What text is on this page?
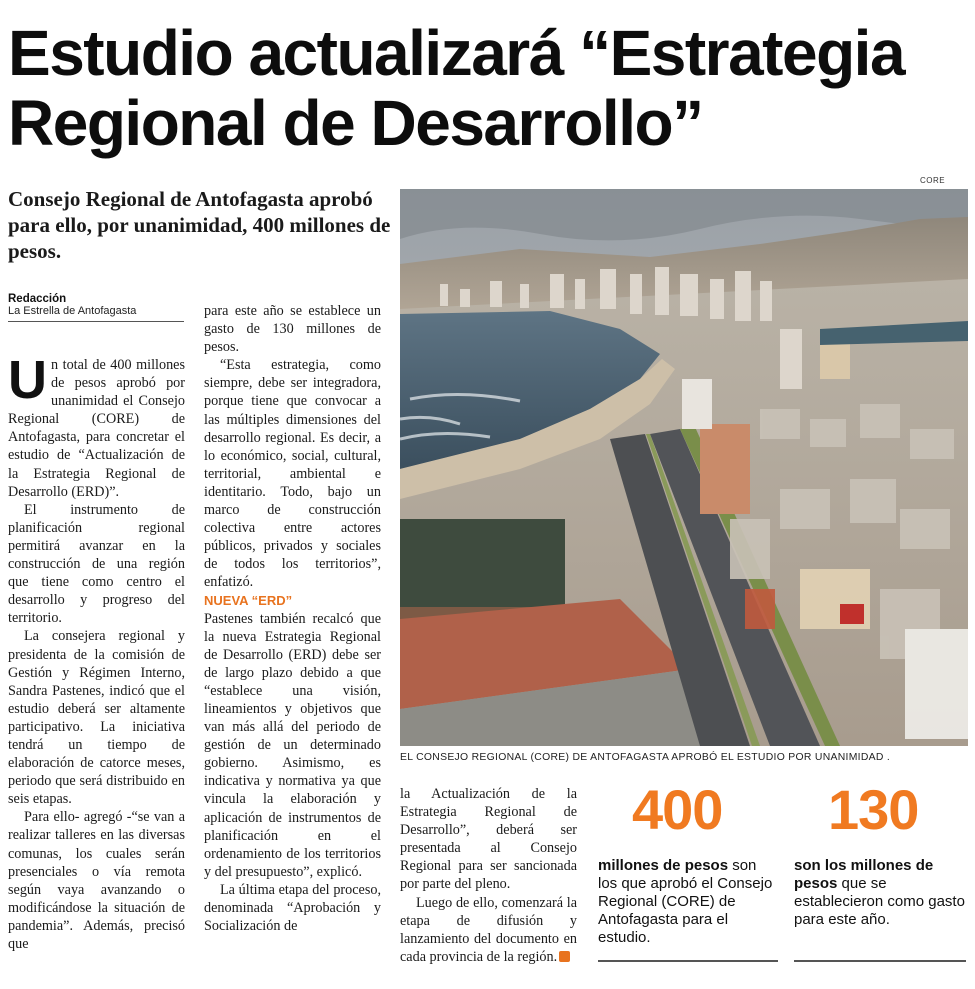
Estudio actualizará “Estrategia Regional de Desarrollo”

Consejo Regional de Antofagasta aprobó para ello, por unanimidad, 400 millones de pesos.

Redacción
La Estrella de Antofagasta

Un total de 400 millones de pesos aprobó por unanimidad el Consejo Regional (CORE) de Antofagasta, para concretar el estudio de “Actualización de la Estrategia Regional de Desarrollo (ERD)”.

El instrumento de planificación regional permitirá avanzar en la construcción de una región que tiene como centro el desarrollo y progreso del territorio.

La consejera regional y presidenta de la comisión de Gestión y Régimen Interno, Sandra Pastenes, indicó que el estudio deberá ser altamente participativo. La iniciativa tendrá un tiempo de elaboración de catorce meses, periodo que será distribuido en seis etapas.

Para ello- agregó -“se van a realizar talleres en las diversas comunas, los cuales serán presenciales o vía remota según vaya avanzando o modificándose la situación de pandemia”. Además, precisó que

para este año se establece un gasto de 130 millones de pesos.

“Esta estrategia, como siempre, debe ser integradora, porque tiene que convocar a las múltiples dimensiones del desarrollo regional. Es decir, a lo económico, social, cultural, territorial, ambiental e identitario. Todo, bajo un marco de construcción colectiva entre actores públicos, privados y sociales de todos los territorios”, enfatizó.

NUEVA “ERD”

Pastenes también recalcó que la nueva Estrategia Regional de Desarrollo (ERD) debe ser de largo plazo debido a que “establece una visión, lineamientos y objetivos que van más allá del periodo de gestión de un determinado gobierno. Asimismo, es indicativa y normativa ya que vincula la elaboración y aplicación de instrumentos de planificación en el ordenamiento de los territorios y del presupuesto”, explicó.

La última etapa del proceso, denominada “Aprobación y Socialización de

CORE
EL CONSEJO REGIONAL (CORE) DE ANTOFAGASTA APROBÓ EL ESTUDIO POR UNANIMIDAD .

la Actualización de la Estrategia Regional de Desarrollo”, deberá ser presentada al Consejo Regional para ser sancionada por parte del pleno.

Luego de ello, comenzará la etapa de difusión y lanzamiento del documento en cada provincia de la región.

400
millones de pesos son los que aprobó el Consejo Regional (CORE) de Antofagasta para el estudio.
130
son los millones de pesos que se establecieron como gasto para este año.
